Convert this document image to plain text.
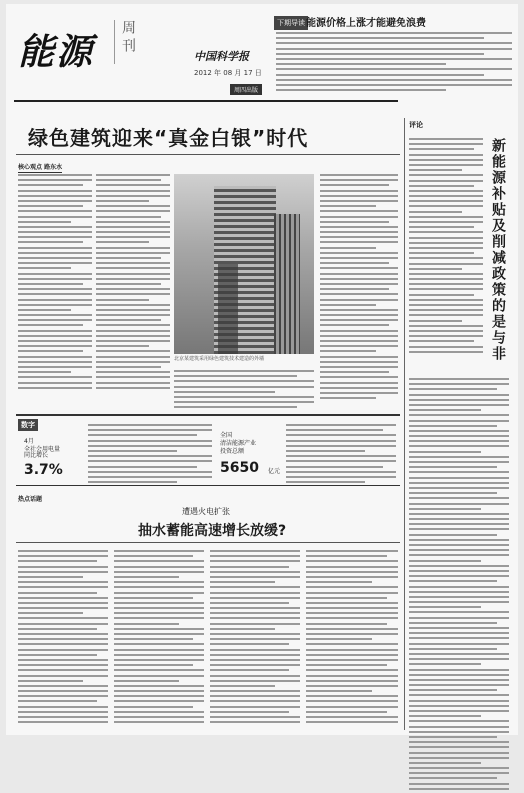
能源	周刊
中国科学报
2012 年 08 月 17 日
周四出版
下期导读 能源价格上涨才能避免浪费
绿色建筑迎来“真金白银”时代
核心观点 路东水
北京某建筑采用绿色建筑技术建造的外墙
数字
4月
全社会用电量
同比增长
3.7%
全国
清洁能源产业
投资总额
5650 亿元
热点话题
遭遇火电扩张
抽水蓄能高速增长放缓?
评论
新能源补贴及削减政策的是与非
